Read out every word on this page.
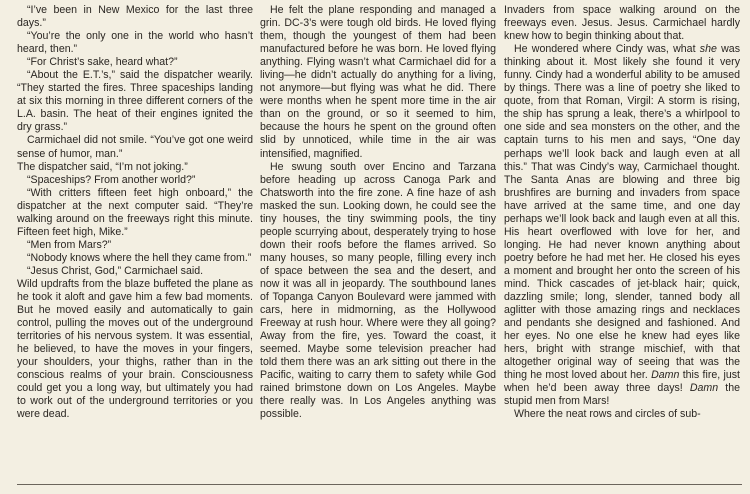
“I’ve been in New Mexico for the last three days.”

“You’re the only one in the world who hasn’t heard, then.”

“For Christ’s sake, heard what?”

“About the E.T.’s,” said the dispatcher wearily. “They started the fires. Three spaceships landing at six this morning in three different corners of the L.A. basin. The heat of their engines ignited the dry grass.”

Carmichael did not smile. “You’ve got one weird sense of humor, man.”

The dispatcher said, “I’m not joking.”

“Spaceships? From another world?”

“With critters fifteen feet high onboard,” the dispatcher at the next computer said. “They’re walking around on the freeways right this minute. Fifteen feet high, Mike.”

“Men from Mars?”

“Nobody knows where the hell they came from.”

“Jesus Christ, God,” Carmichael said.

Wild updrafts from the blaze buffeted the plane as he took it aloft and gave him a few bad moments. But he moved easily and automatically to gain control, pulling the moves out of the underground territories of his nervous system. It was essential, he believed, to have the moves in your fingers, your shoulders, your thighs, rather than in the conscious realms of your brain. Consciousness could get you a long way, but ultimately you had to work out of the underground territories or you were dead.

He felt the plane responding and managed a grin. DC-3’s were tough old birds. He loved flying them, though the youngest of them had been manufactured before he was born. He loved flying anything. Flying wasn’t what Carmichael did for a living—he didn’t actually do anything for a living, not anymore—but flying was what he did. There were months when he spent more time in the air than on the ground, or so it seemed to him, because the hours he spent on the ground often slid by unnoticed, while time in the air was intensified, magnified.

He swung south over Encino and Tarzana before heading up across Canoga Park and Chatsworth into the fire zone. A fine haze of ash masked the sun. Looking down, he could see the tiny houses, the tiny swimming pools, the tiny people scurrying about, desperately trying to hose down their roofs before the flames arrived. So many houses, so many people, filling every inch of space between the sea and the desert, and now it was all in jeopardy. The southbound lanes of Topanga Canyon Boulevard were jammed with cars, here in midmorning, as the Hollywood Freeway at rush hour. Where were they all going? Away from the fire, yes. Toward the coast, it seemed. Maybe some television preacher had told them there was an ark sitting out there in the Pacific, waiting to carry them to safety while God rained brimstone down on Los Angeles. Maybe there really was. In Los Angeles anything was possible.

Invaders from space walking around on the freeways even. Jesus. Jesus. Carmichael hardly knew how to begin thinking about that.

He wondered where Cindy was, what she was thinking about it. Most likely she found it very funny. Cindy had a wonderful ability to be amused by things. There was a line of poetry she liked to quote, from that Roman, Virgil: A storm is rising, the ship has sprung a leak, there’s a whirlpool to one side and sea monsters on the other, and the captain turns to his men and says, “One day perhaps we’ll look back and laugh even at all this.” That was Cindy’s way, Carmichael thought. The Santa Anas are blowing and three big brushfires are burning and invaders from space have arrived at the same time, and one day perhaps we’ll look back and laugh even at all this. His heart overflowed with love for her, and longing. He had never known anything about poetry before he had met her. He closed his eyes a moment and brought her onto the screen of his mind. Thick cascades of jet-black hair; quick, dazzling smile; long, slender, tanned body all aglitter with those amazing rings and necklaces and pendants she designed and fashioned. And her eyes. No one else he knew had eyes like hers, bright with strange mischief, with that altogether original way of seeing that was the thing he most loved about her. Damn this fire, just when he’d been away three days! Damn the stupid men from Mars!

Where the neat rows and circles of sub-
